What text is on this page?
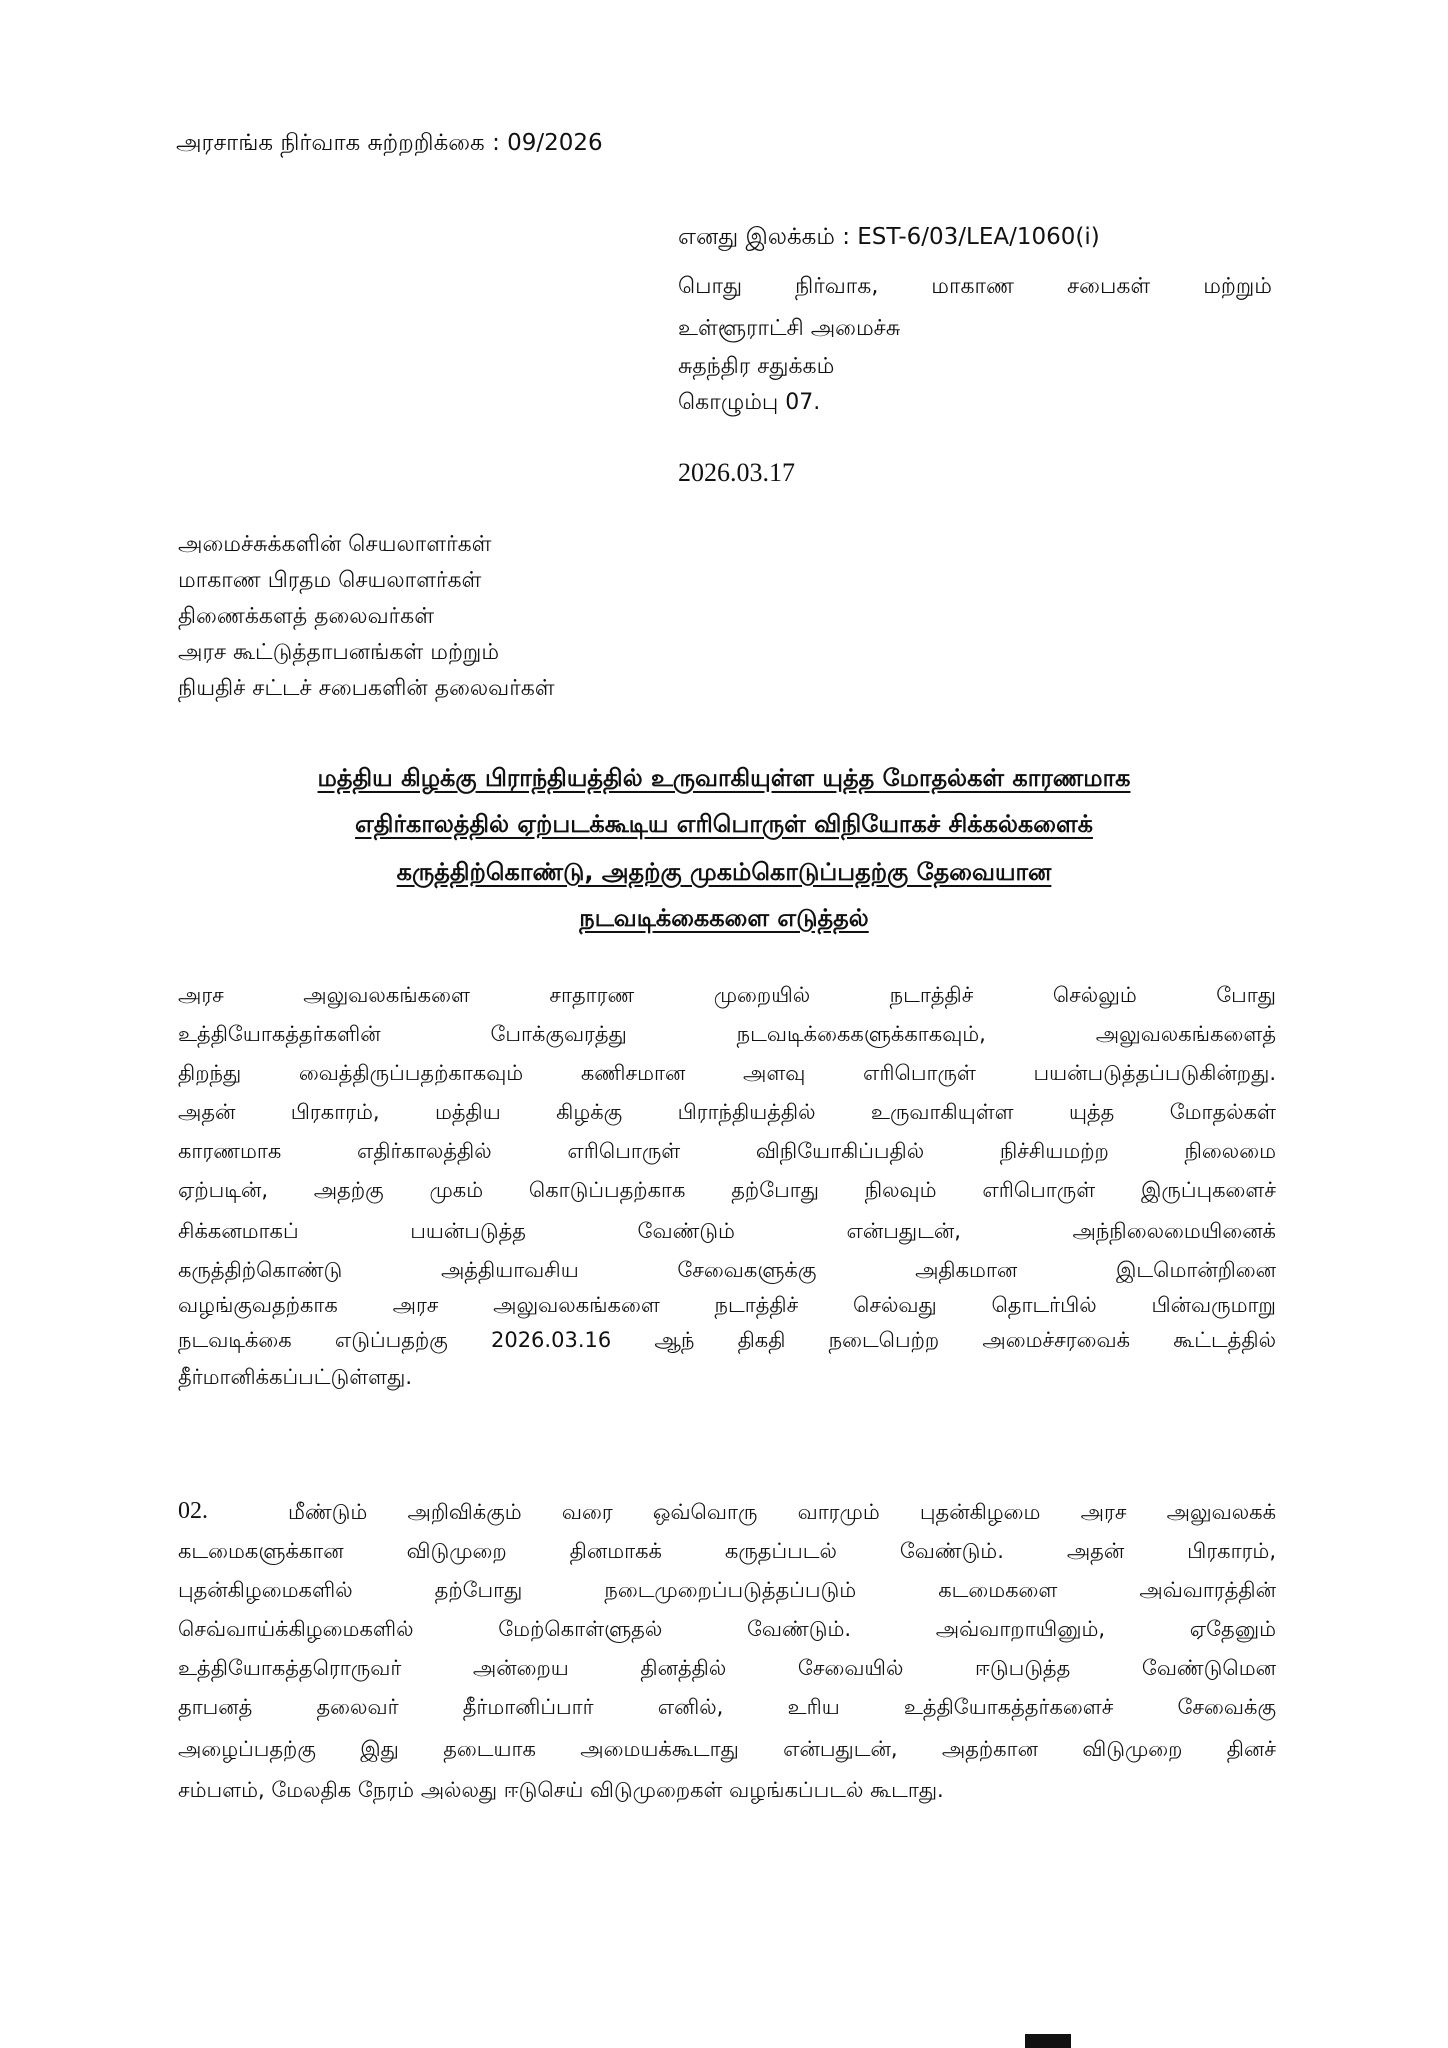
அரசாங்க நிர்வாக சுற்றறிக்கை : 09/2026
எனது இலக்கம் : EST-6/03/LEA/1060(i)
பொது நிர்வாக, மாகாண சபைகள் மற்றும்
உள்ளூராட்சி அமைச்சு
சுதந்திர சதுக்கம்
கொழும்பு 07.
2026.03.17
அமைச்சுக்களின் செயலாளர்கள்
மாகாண பிரதம செயலாளர்கள்
திணைக்களத் தலைவர்கள்
அரச கூட்டுத்தாபனங்கள் மற்றும்
நியதிச் சட்டச் சபைகளின் தலைவர்கள்
மத்திய கிழக்கு பிராந்தியத்தில் உருவாகியுள்ள யுத்த மோதல்கள் காரணமாக
எதிர்காலத்தில் ஏற்படக்கூடிய எரிபொருள் விநியோகச் சிக்கல்களைக்
கருத்திற்கொண்டு, அதற்கு முகம்கொடுப்பதற்கு தேவையான
நடவடிக்கைகளை எடுத்தல்

அரச அலுவலகங்களை சாதாரண முறையில் நடாத்திச் செல்லும் போது

உத்தியோகத்தர்களின் போக்குவரத்து நடவடிக்கைகளுக்காகவும், அலுவலகங்களைத்

திறந்து வைத்திருப்பதற்காகவும் கணிசமான அளவு எரிபொருள் பயன்படுத்தப்படுகின்றது.

அதன் பிரகாரம், மத்திய கிழக்கு பிராந்தியத்தில் உருவாகியுள்ள யுத்த மோதல்கள்

காரணமாக எதிர்காலத்தில் எரிபொருள் விநியோகிப்பதில் நிச்சியமற்ற நிலைமை

ஏற்படின், அதற்கு முகம் கொடுப்பதற்காக தற்போது நிலவும் எரிபொருள் இருப்புகளைச்

சிக்கனமாகப் பயன்படுத்த வேண்டும் என்பதுடன், அந்நிலைமையினைக்

கருத்திற்கொண்டு அத்தியாவசிய சேவைகளுக்கு அதிகமான இடமொன்றினை

வழங்குவதற்காக அரச அலுவலகங்களை நடாத்திச் செல்வது தொடர்பில் பின்வருமாறு

நடவடிக்கை எடுப்பதற்கு 2026.03.16 ஆந் திகதி நடைபெற்ற அமைச்சரவைக் கூட்டத்தில்

தீர்மானிக்கப்பட்டுள்ளது.

02.	மீண்டும் அறிவிக்கும் வரை ஒவ்வொரு வாரமும் புதன்கிழமை அரச அலுவலகக்

கடமைகளுக்கான விடுமுறை தினமாகக் கருதப்படல் வேண்டும். அதன் பிரகாரம்,

புதன்கிழமைகளில் தற்போது நடைமுறைப்படுத்தப்படும் கடமைகளை அவ்வாரத்தின்

செவ்வாய்க்கிழமைகளில் மேற்கொள்ளுதல் வேண்டும். அவ்வாறாயினும், ஏதேனும்

உத்தியோகத்தரொருவர் அன்றைய தினத்தில் சேவையில் ஈடுபடுத்த வேண்டுமென

தாபனத் தலைவர் தீர்மானிப்பார் எனில், உரிய உத்தியோகத்தர்களைச் சேவைக்கு

அழைப்பதற்கு இது தடையாக அமையக்கூடாது என்பதுடன், அதற்கான விடுமுறை தினச்

சம்பளம், மேலதிக நேரம் அல்லது ஈடுசெய் விடுமுறைகள் வழங்கப்படல் கூடாது.
